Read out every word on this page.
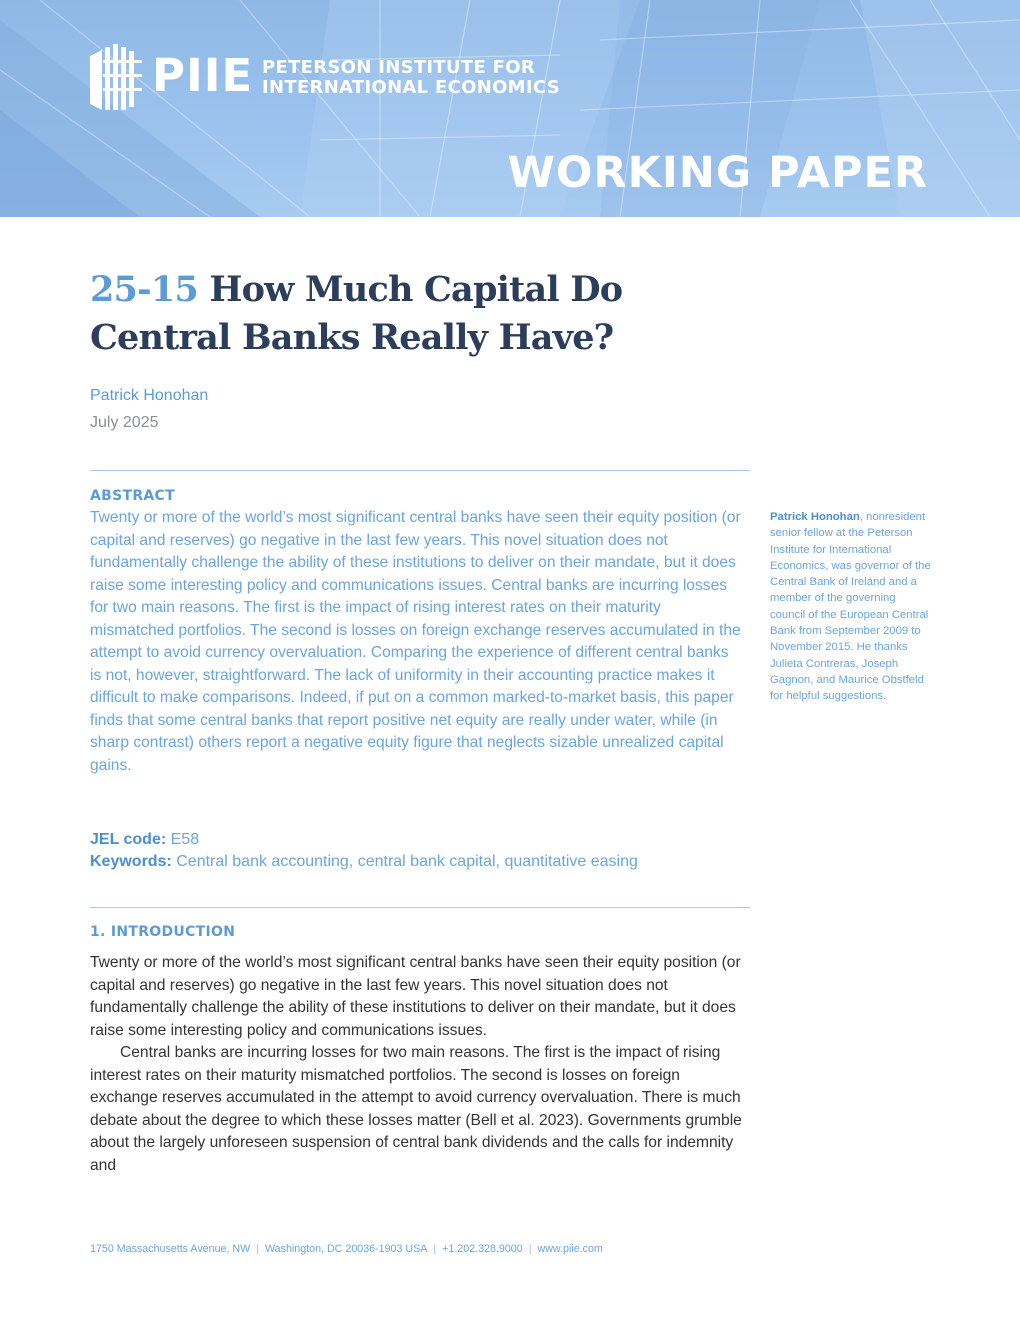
PIIE PETERSON INSTITUTE FOR
INTERNATIONAL ECONOMICS
WORKING PAPER
25-15 How Much Capital Do
Central Banks Really Have?
Patrick Honohan
July 2025
ABSTRACT

Twenty or more of the world’s most significant central banks have seen their equity position (or capital and reserves) go negative in the last few years. This novel situation does not fundamentally challenge the ability of these institutions to deliver on their mandate, but it does raise some interesting policy and communications issues. Central banks are incurring losses for two main reasons. The first is the impact of rising interest rates on their maturity mismatched portfolios. The second is losses on foreign exchange reserves accumulated in the attempt to avoid currency overvaluation. Comparing the experience of different central banks is not, however, straightforward. The lack of uniformity in their accounting practice makes it difficult to make comparisons. Indeed, if put on a common marked-to-market basis, this paper finds that some central banks that report positive net equity are really under water, while (in sharp contrast) others report a negative equity figure that neglects sizable unrealized capital gains.

JEL code: E58
Keywords: Central bank accounting, central bank capital, quantitative easing
1. INTRODUCTION

Twenty or more of the world’s most significant central banks have seen their equity position (or capital and reserves) go negative in the last few years. This novel situation does not fundamentally challenge the ability of these institutions to deliver on their mandate, but it does raise some interesting policy and communications issues.

Central banks are incurring losses for two main reasons. The first is the impact of rising interest rates on their maturity mismatched portfolios. The second is losses on foreign exchange reserves accumulated in the attempt to avoid currency overvaluation. There is much debate about the degree to which these losses matter (Bell et al. 2023). Governments grumble about the largely unforeseen suspension of central bank dividends and the calls for indemnity and

Patrick Honohan, nonresident senior fellow at the Peterson Institute for International Economics, was governor of the Central Bank of Ireland and a member of the governing council of the European Central Bank from September 2009 to November 2015. He thanks Julieta Contreras, Joseph Gagnon, and Maurice Obstfeld for helpful suggestions.
1750 Massachusetts Avenue, NW | Washington, DC 20036-1903 USA | +1.202.328.9000 | www.piie.com
